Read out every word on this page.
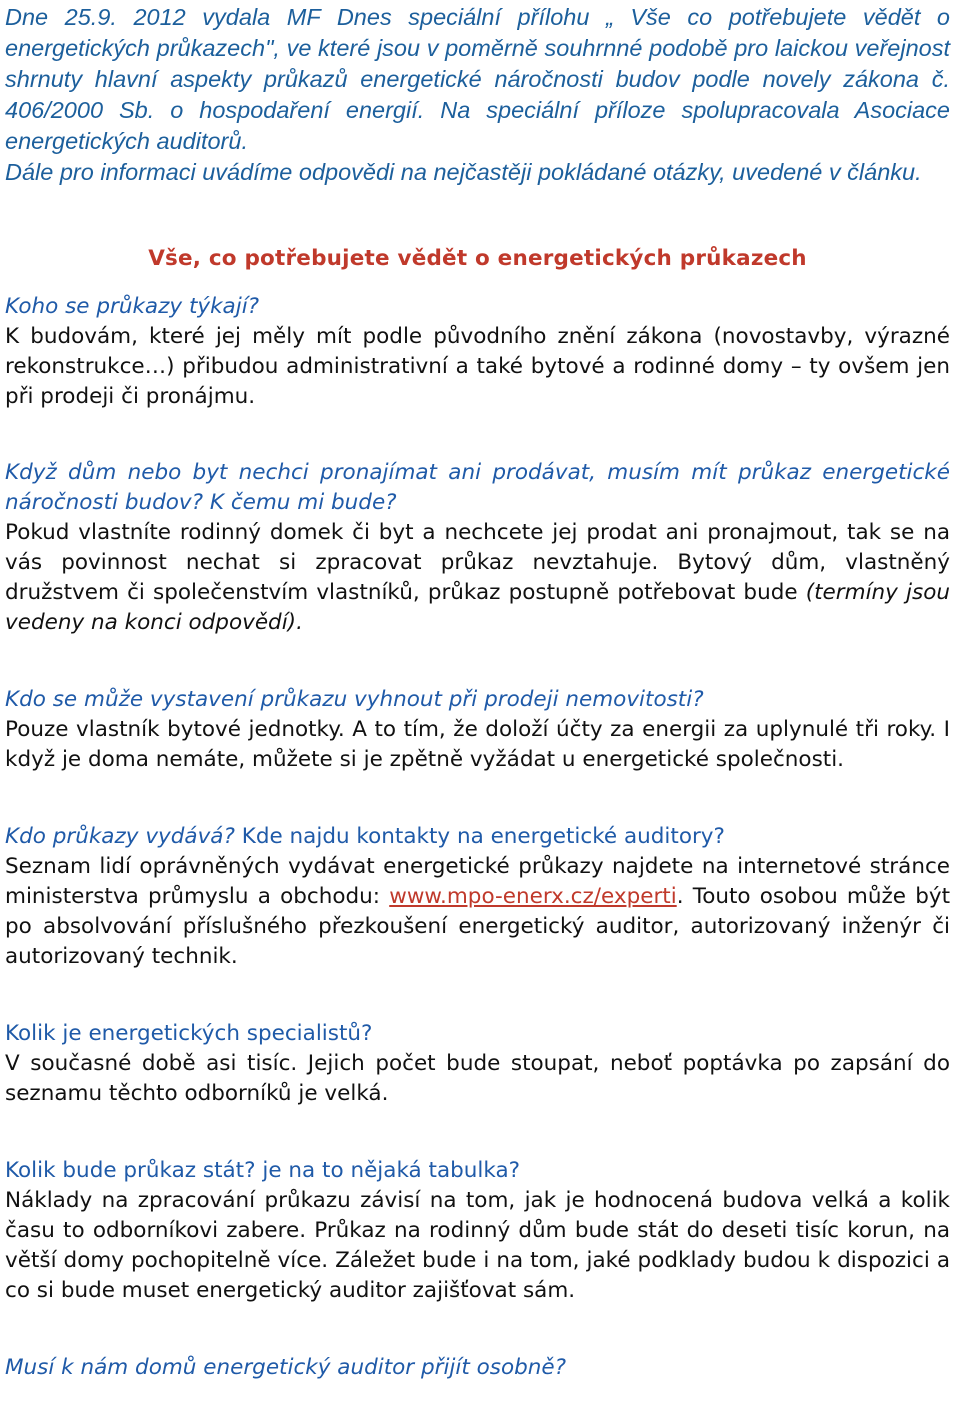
Dne 25.9. 2012 vydala MF Dnes speciální přílohu „ Vše co potřebujete vědět o energetických průkazech", ve které jsou v poměrně souhrnné podobě pro laickou veřejnost shrnuty hlavní aspekty průkazů energetické náročnosti budov podle novely zákona č. 406/2000 Sb. o hospodaření energií. Na speciální příloze spolupracovala Asociace energetických auditorů.

Dále pro informaci uvádíme odpovědi na nejčastěji pokládané otázky, uvedené v článku.

Vše, co potřebujete vědět o energetických průkazech

Koho se průkazy týkají?

K budovám, které jej měly mít podle původního znění zákona (novostavby, výrazné rekonstrukce…) přibudou administrativní a také bytové a rodinné domy – ty ovšem jen při prodeji či pronájmu.

Když dům nebo byt nechci pronajímat ani prodávat, musím mít průkaz energetické náročnosti budov? K čemu mi bude?

Pokud vlastníte rodinný domek či byt a nechcete jej prodat ani pronajmout, tak se na vás povinnost nechat si zpracovat průkaz nevztahuje. Bytový dům, vlastněný družstvem či společenstvím vlastníků, průkaz postupně potřebovat bude (termíny jsou vedeny na konci odpovědí).

Kdo se může vystavení průkazu vyhnout při prodeji nemovitosti?

Pouze vlastník bytové jednotky. A to tím, že doloží účty za energii za uplynulé tři roky. I když je doma nemáte, můžete si je zpětně vyžádat u energetické společnosti.

Kdo průkazy vydává? Kde najdu kontakty na energetické auditory?

Seznam lidí oprávněných vydávat energetické průkazy najdete na internetové stránce ministerstva průmyslu a obchodu: www.mpo-enerx.cz/experti. Touto osobou může být po absolvování příslušného přezkoušení energetický auditor, autorizovaný inženýr či autorizovaný technik.

Kolik je energetických specialistů?

V současné době asi tisíc. Jejich počet bude stoupat, neboť poptávka po zapsání do seznamu těchto odborníků je velká.

Kolik bude průkaz stát? je na to nějaká tabulka?

Náklady na zpracování průkazu závisí na tom, jak je hodnocená budova velká a kolik času to odborníkovi zabere. Průkaz na rodinný dům bude stát do deseti tisíc korun, na větší domy pochopitelně více. Záležet bude i na tom, jaké podklady budou k dispozici a co si bude muset energetický auditor zajišťovat sám.

Musí k nám domů energetický auditor přijít osobně?
